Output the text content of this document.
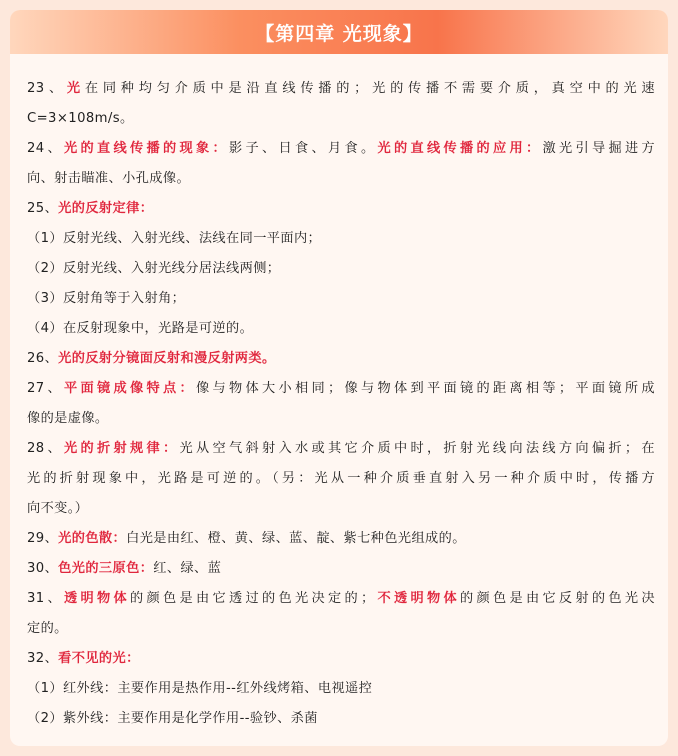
【第四章 光现象】
23、光在同种均匀介质中是沿直线传播的；光的传播不需要介质，真空中的光速
C=3×108m/s。
24、光的直线传播的现象：影子、日食、月食。光的直线传播的应用：激光引导掘进方
向、射击瞄准、小孔成像。
25、光的反射定律：
（1）反射光线、入射光线、法线在同一平面内；
（2）反射光线、入射光线分居法线两侧；
（3）反射角等于入射角；
（4）在反射现象中，光路是可逆的。
26、光的反射分镜面反射和漫反射两类。
27、平面镜成像特点：像与物体大小相同；像与物体到平面镜的距离相等；平面镜所成
像的是虚像。
28、光的折射规律：光从空气斜射入水或其它介质中时，折射光线向法线方向偏折；在
光的折射现象中，光路是可逆的。（另：光从一种介质垂直射入另一种介质中时，传播方
向不变。）
29、光的色散：白光是由红、橙、黄、绿、蓝、靛、紫七种色光组成的。
30、色光的三原色：红、绿、蓝
31、透明物体的颜色是由它透过的色光决定的；不透明物体的颜色是由它反射的色光决
定的。
32、看不见的光：
（1）红外线：主要作用是热作用--红外线烤箱、电视遥控
（2）紫外线：主要作用是化学作用--验钞、杀菌
